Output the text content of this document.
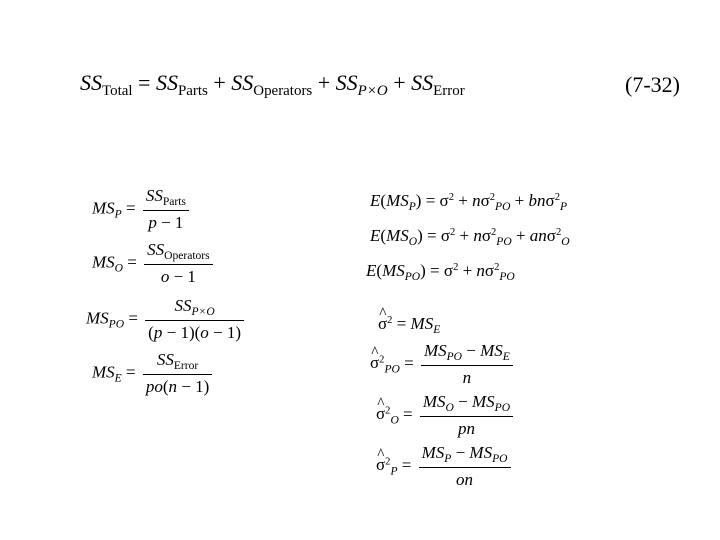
$SS_{Total} = SS_{Parts} + SS_{Operators} + SS_{P\times O} + SS_{Error}$	(7-32)
$MS_P = \frac{SS_{Parts}}{p - 1}$
$MS_O = \frac{SS_{Operators}}{o - 1}$
$MS_{PO} = \frac{SS_{P\times O}}{(p - 1)(o - 1)}$
$MS_E = \frac{SS_{Error}}{po(n - 1)}$
$E(MS_P) = \sigma^2 + n\sigma^2_{PO} + bn\sigma^2_P$
$E(MS_O) = \sigma^2 + n\sigma^2_{PO} + an\sigma^2_O$
$E(MS_{PO}) = \sigma^2 + n\sigma^2_{PO}$
^ $\sigma^2 = MS_E$
^ $\sigma^2_{PO} = \frac{MS_{PO} - MS_E}{n}$
^ $\sigma^2_O = \frac{MS_O - MS_{PO}}{pn}$
^ $\sigma^2_P = \frac{MS_P - MS_{PO}}{on}$
